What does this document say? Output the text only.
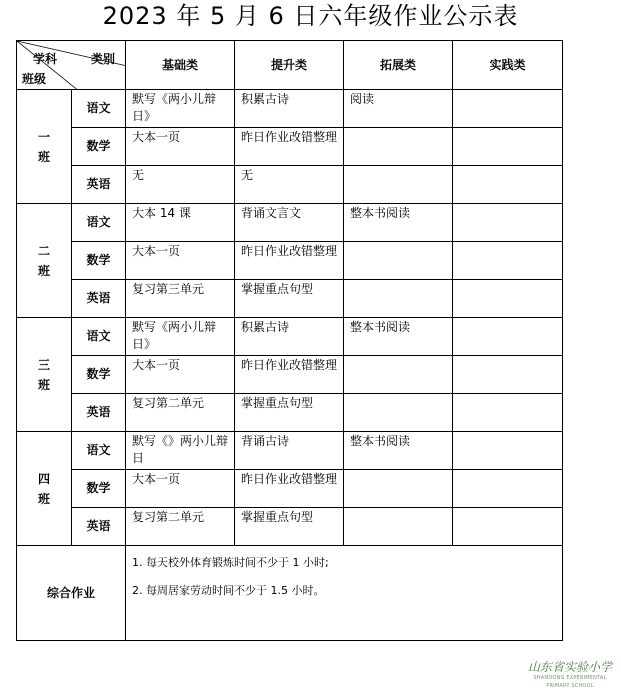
2023 年 5 月 6 日六年级作业公示表
学科 类别
班级		基础类	提升类	拓展类	实践类

一
班	语文	默写《两小儿辩日》	积累古诗	阅读	
	数学	大本一页	昨日作业改错整理		
	英语	无	无		

二
班	语文	大本 14 课	背诵文言文	整本书阅读	
	数学	大本一页	昨日作业改错整理		
	英语	复习第三单元	掌握重点句型		

三
班	语文	默写《两小儿辩日》	积累古诗	整本书阅读	
	数学	大本一页	昨日作业改错整理		
	英语	复习第二单元	掌握重点句型		

四
班	语文	默写《》两小儿辩日	背诵古诗	整本书阅读	
	数学	大本一页	昨日作业改错整理		
	英语	复习第二单元	掌握重点句型		
综合作业		1. 每天校外体育锻炼时间不少于 1 小时;

2. 每周居家劳动时间不少于 1.5 小时。			

山东省实验小学
SHANDONG EXPERIMENTAL PRIMARY SCHOOL
